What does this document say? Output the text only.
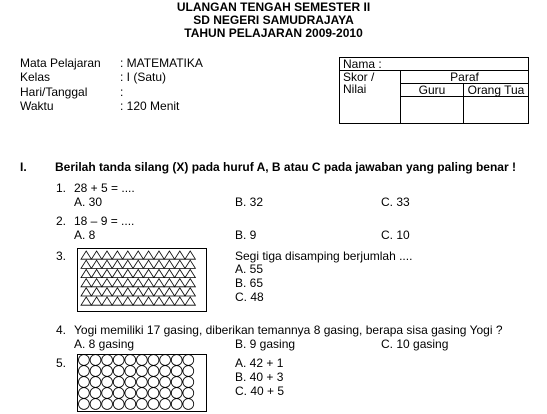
ULANGAN TENGAH SEMESTER II
SD NEGERI SAMUDRAJAYA
TAHUN PELAJARAN 2009-2010
Mata Pelajaran : MATEMATIKA
Kelas	: I (Satu)
Hari/Tanggal	:
Waktu	: 120 Menit
Nama :		
Skor / Nilai	Paraf	
	Guru	Orang Tua

I. Berilah tanda silang (X) pada huruf A, B atau C pada jawaban yang paling benar !
1. 28 + 5 = ....
A. 30	B. 32	C. 33
2. 18 – 9 = ....
A. 8	B. 9	C. 10
3.	Segi tiga disamping berjumlah ....
A. 55
B. 65
C. 48
4. Yogi memiliki 17 gasing, diberikan temannya 8 gasing, berapa sisa gasing Yogi ?
A. 8 gasing	B. 9 gasing	C. 10 gasing
5.	A. 42 + 1
B. 40 + 3
C. 40 + 5
